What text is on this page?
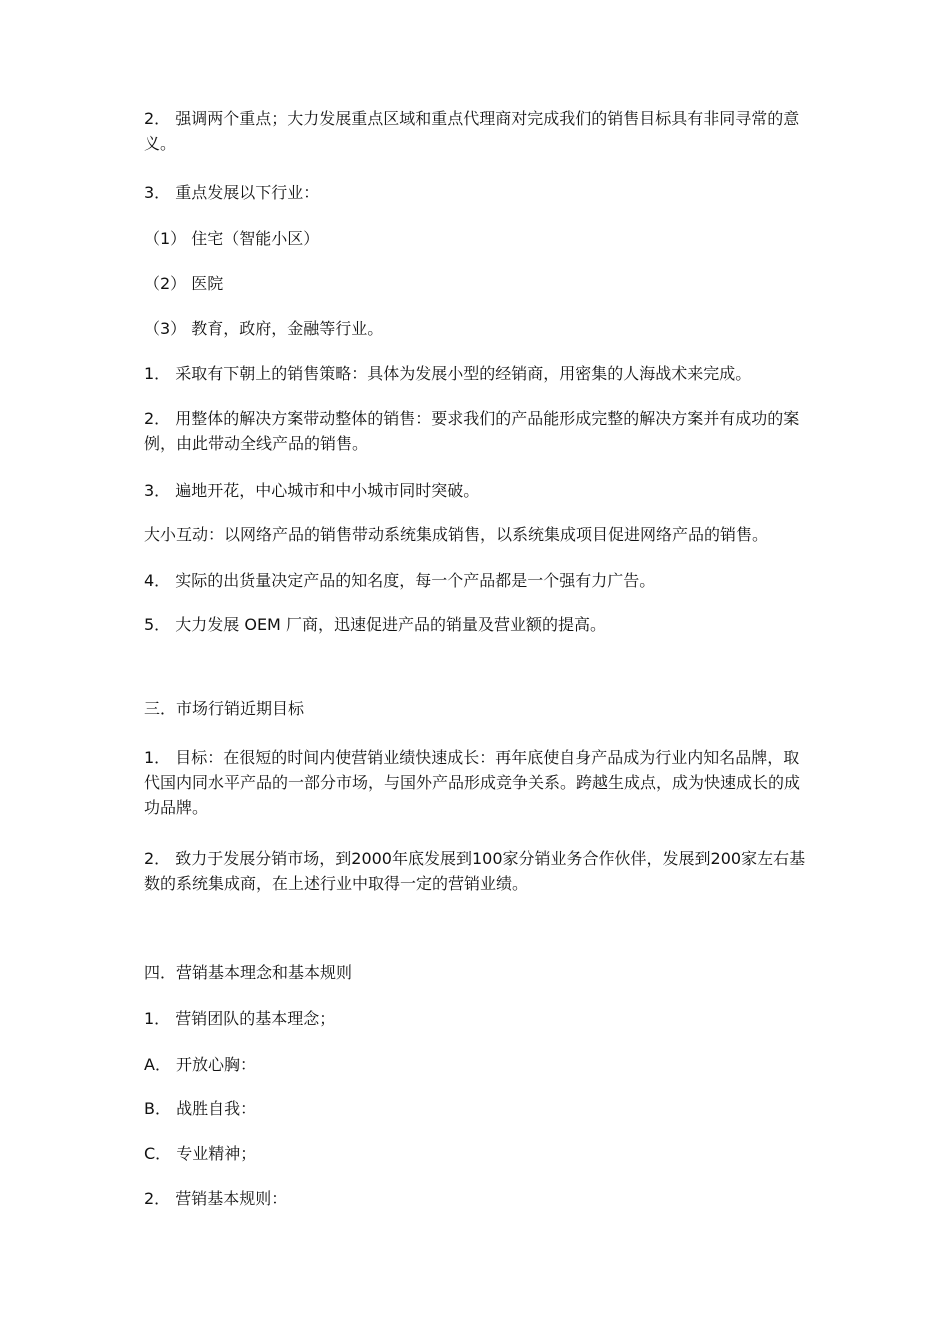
2． 强调两个重点；大力发展重点区域和重点代理商对完成我们的销售目标具有非同寻常的意义。

3． 重点发展以下行业：

（1） 住宅（智能小区）

（2） 医院

（3） 教育，政府，金融等行业。

1． 采取有下朝上的销售策略：具体为发展小型的经销商，用密集的人海战术来完成。

2． 用整体的解决方案带动整体的销售：要求我们的产品能形成完整的解决方案并有成功的案例，由此带动全线产品的销售。

3． 遍地开花，中心城市和中小城市同时突破。

大小互动：以网络产品的销售带动系统集成销售，以系统集成项目促进网络产品的销售。

4． 实际的出货量决定产品的知名度，每一个产品都是一个强有力广告。

5． 大力发展 OEM 厂商，迅速促进产品的销量及营业额的提高。

三．市场行销近期目标

1． 目标：在很短的时间内使营销业绩快速成长：再年底使自身产品成为行业内知名品牌，取代国内同水平产品的一部分市场，与国外产品形成竞争关系。跨越生成点，成为快速成长的成功品牌。

2． 致力于发展分销市场，到2000年底发展到100家分销业务合作伙伴，发展到200家左右基数的系统集成商，在上述行业中取得一定的营销业绩。

四．营销基本理念和基本规则

1． 营销团队的基本理念；

A． 开放心胸：

B． 战胜自我：

C． 专业精神；

2． 营销基本规则：
